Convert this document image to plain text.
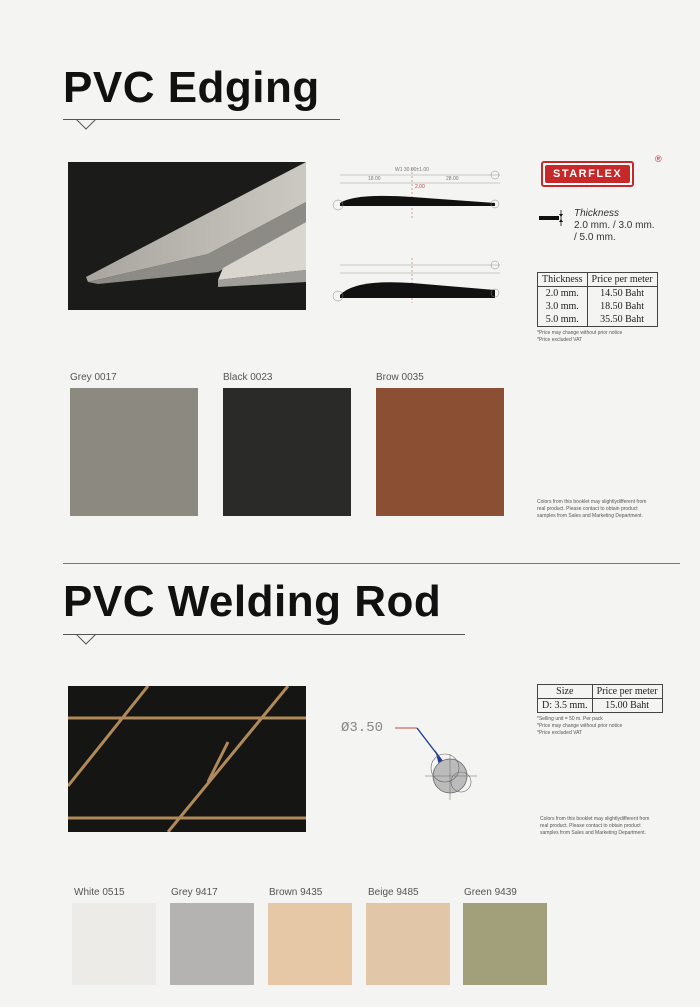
PVC Edging
W1 30.00±1.00
18.00	28.00
2.00
STARFLEX
®
Thickness
2.0 mm. / 3.0 mm.
/ 5.0 mm.
Thickness	Price per meter
2.0 mm.	14.50 Baht
3.0 mm.	18.50 Baht
5.0 mm.	35.50 Baht
*Price may change without prior notice
*Price excluded VAT
Grey 0017	Black 0023	Brow 0035
Colors from this booklet may slightlydifferent from real product. Please contact to obtain product samples from Sales and Marketing Department.
PVC Welding Rod
Ø3.50
Size	Price per meter
D: 3.5 mm.	15.00 Baht
*Selling unit = 50 m. Per pack
*Price may change without prior notice
*Price excluded VAT
Colors from this booklet may slightlydifferent from real product. Please contact to obtain product samples from Sales and Marketing Department.
White 0515	Grey 9417	Brown 9435	Beige 9485	Green 9439
